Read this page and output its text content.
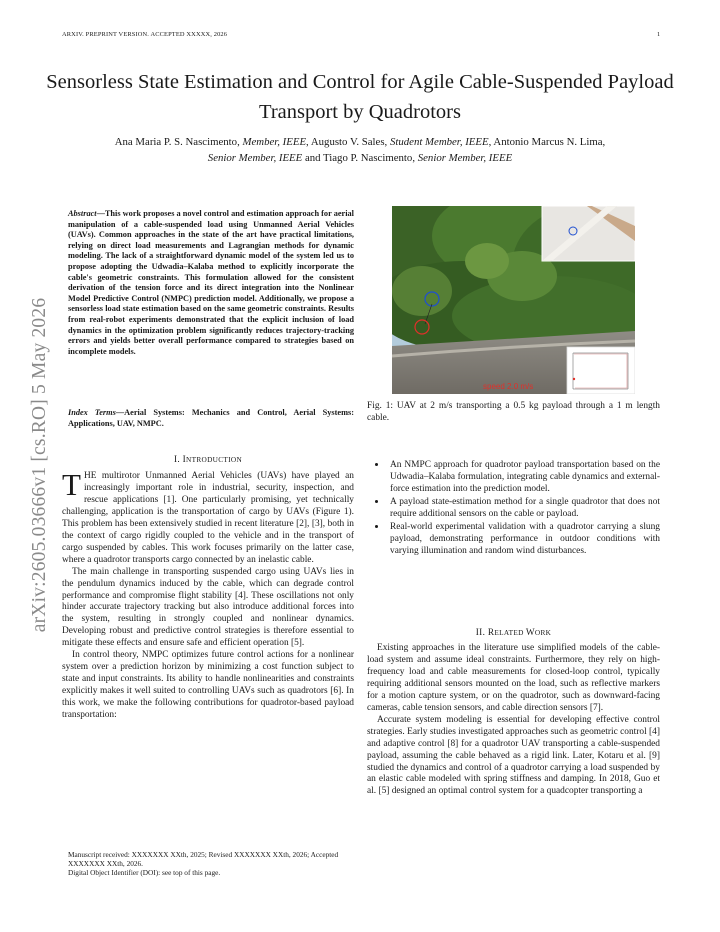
ARXIV. PREPRINT VERSION. ACCEPTED XXXXX, 2026	1
arXiv:2605.03666v1 [cs.RO] 5 May 2026
Sensorless State Estimation and Control for Agile Cable-Suspended Payload Transport by Quadrotors
Ana Maria P. S. Nascimento, Member, IEEE, Augusto V. Sales, Student Member, IEEE, Antonio Marcus N. Lima,
Senior Member, IEEE and Tiago P. Nascimento, Senior Member, IEEE
Abstract—This work proposes a novel control and estimation approach for aerial manipulation of a cable-suspended load using Unmanned Aerial Vehicles (UAVs). Common approaches in the state of the art have practical limitations, relying on direct load measurements and Lagrangian methods for dynamic modeling. The lack of a straightforward dynamic model of the system led us to propose adopting the Udwadia–Kalaba method to explicitly incorporate the cable's geometric constraints. This formulation allowed for the consistent derivation of the tension force and its direct integration into the Nonlinear Model Predictive Control (NMPC) prediction model. Additionally, we propose a sensorless load state estimation based on the same geometric constraints. Results from real-robot experiments demonstrated that the explicit inclusion of load dynamics in the optimization problem significantly reduces trajectory-tracking errors and yields better overall performance compared to strategies based on incomplete models.
Index Terms—Aerial Systems: Mechanics and Control, Aerial Systems: Applications, UAV, NMPC.
I. INTRODUCTION

THE multirotor Unmanned Aerial Vehicles (UAVs) have played an increasingly important role in industrial, security, inspection, and rescue applications [1]. One particularly promising, yet technically challenging, application is the transportation of cargo by UAVs (Figure 1). This problem has been extensively studied in recent literature [2], [3], both in the context of cargo rigidly coupled to the vehicle and in the transport of cargo suspended by cables. This work focuses primarily on the latter case, where a quadrotor transports cargo connected by an inelastic cable.

The main challenge in transporting suspended cargo using UAVs lies in the pendulum dynamics induced by the cable, which can degrade control performance and compromise flight stability [4]. These oscillations not only hinder accurate trajectory tracking but also introduce additional forces into the system, resulting in strongly coupled and nonlinear dynamics. Developing robust and predictive control strategies is therefore essential to mitigate these effects and ensure safe and efficient operation [5].

In control theory, NMPC optimizes future control actions for a nonlinear system over a prediction horizon by minimizing a cost function subject to state and input constraints. Its ability to handle nonlinearities and constraints explicitly makes it well suited to controlling UAVs such as quadrotors [6]. In this work, we make the following contributions for quadrotor-based payload transportation:

Manuscript received: XXXXXXX XXth, 2025; Revised XXXXXXX XXth, 2026; Accepted XXXXXXX XXth, 2026.
Digital Object Identifier (DOI): see top of this page.
speed 2.0 m/s
Fig. 1: UAV at 2 m/s transporting a 0.5 kg payload through a 1 m length cable.
• An NMPC approach for quadrotor payload transportation based on the Udwadia–Kalaba formulation, integrating cable dynamics and external-force estimation into the prediction model.
• A payload state-estimation method for a single quadrotor that does not require additional sensors on the cable or payload.
• Real-world experimental validation with a quadrotor carrying a slung payload, demonstrating performance in outdoor conditions with varying illumination and random wind disturbances.
II. RELATED WORK

Existing approaches in the literature use simplified models of the cable-load system and assume ideal constraints. Furthermore, they rely on high-frequency load and cable measurements for closed-loop control, typically requiring additional sensors mounted on the load, such as reflective markers for a motion capture system, or on the quadrotor, such as downward-facing cameras, cable tension sensors, and cable direction sensors [7].

Accurate system modeling is essential for developing effective control strategies. Early studies investigated approaches such as geometric control [4] and adaptive control [8] for a quadrotor UAV transporting a cable-suspended payload, assuming the cable behaved as a rigid link. Later, Kotaru et al. [9] studied the dynamics and control of a quadrotor carrying a load suspended by an elastic cable modeled with spring stiffness and damping. In 2018, Guo et al. [5] designed an optimal control system for a quadcopter transporting a
